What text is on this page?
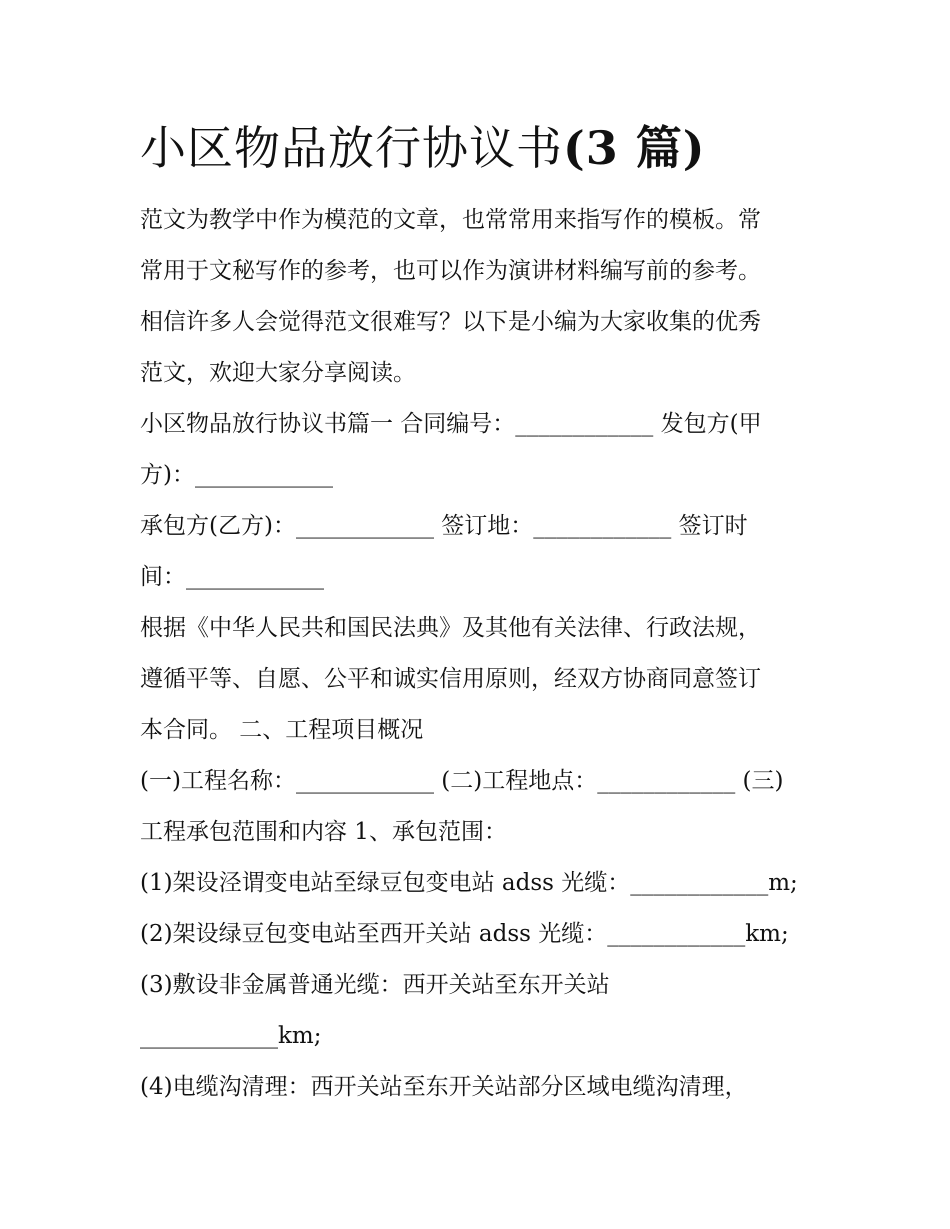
小区物品放行协议书(3 篇)
范文为教学中作为模范的文章，也常常用来指写作的模板。常
常用于文秘写作的参考，也可以作为演讲材料编写前的参考。
相信许多人会觉得范文很难写？以下是小编为大家收集的优秀
范文，欢迎大家分享阅读。
小区物品放行协议书篇一 合同编号：____________ 发包方(甲
方)：____________
承包方(乙方)：____________ 签订地：____________ 签订时
间：____________
根据《中华人民共和国民法典》及其他有关法律、行政法规，
遵循平等、自愿、公平和诚实信用原则，经双方协商同意签订
本合同。 二、工程项目概况
(一)工程名称：____________ (二)工程地点：____________ (三)
工程承包范围和内容 1、承包范围：
(1)架设泾谓变电站至绿豆包变电站 adss 光缆：____________m;
(2)架设绿豆包变电站至西开关站 adss 光缆：____________km;
(3)敷设非金属普通光缆：西开关站至东开关站
____________km;
(4)电缆沟清理：西开关站至东开关站部分区域电缆沟清理，
